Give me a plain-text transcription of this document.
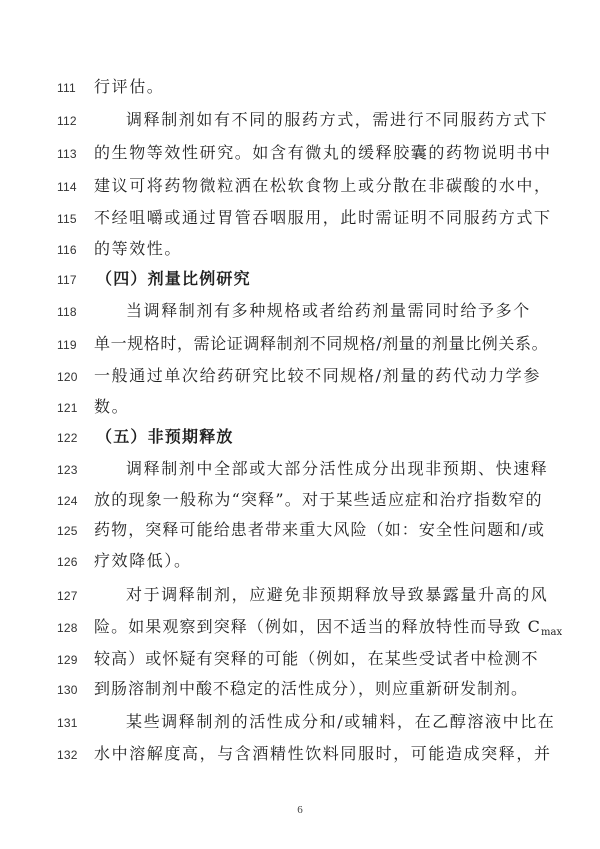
111	行评估。
112	调释制剂如有不同的服药方式，需进行不同服药方式下
113	的生物等效性研究。如含有微丸的缓释胶囊的药物说明书中
114	建议可将药物微粒洒在松软食物上或分散在非碳酸的水中，
115	不经咀嚼或通过胃管吞咽服用，此时需证明不同服药方式下
116	的等效性。
117	（四）剂量比例研究
118	当调释制剂有多种规格或者给药剂量需同时给予多个
119	单一规格时，需论证调释制剂不同规格/剂量的剂量比例关系。
120	一般通过单次给药研究比较不同规格/剂量的药代动力学参
121	数。
122	（五）非预期释放
123	调释制剂中全部或大部分活性成分出现非预期、快速释
124	放的现象一般称为“突释”。对于某些适应症和治疗指数窄的
125	药物，突释可能给患者带来重大风险（如：安全性问题和/或
126	疗效降低）。
127	对于调释制剂，应避免非预期释放导致暴露量升高的风
128	险。如果观察到突释（例如，因不适当的释放特性而导致 $C_{max}$
129	较高）或怀疑有突释的可能（例如，在某些受试者中检测不
130	到肠溶制剂中酸不稳定的活性成分），则应重新研发制剂。
131	某些调释制剂的活性成分和/或辅料，在乙醇溶液中比在
132	水中溶解度高，与含酒精性饮料同服时，可能造成突释，并
6
